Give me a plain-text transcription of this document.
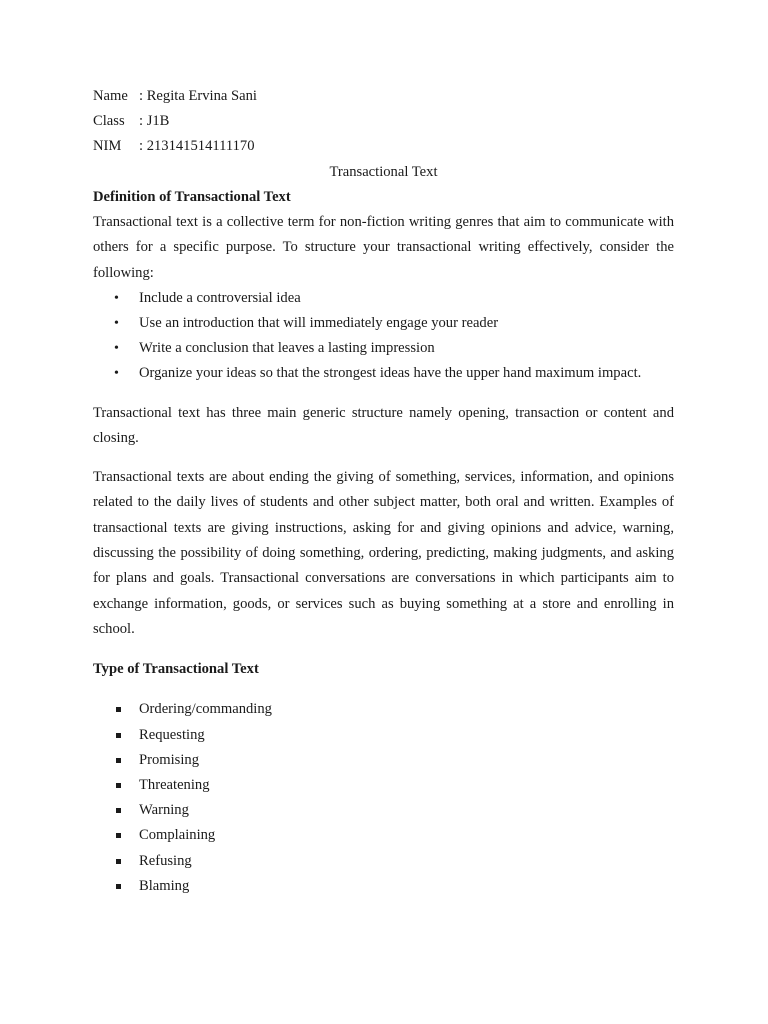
Name : Regita Ervina Sani
Class : J1B
NIM : 213141514111170
Transactional Text
Definition of Transactional Text

Transactional text is a collective term for non-fiction writing genres that aim to communicate with others for a specific purpose. To structure your transactional writing effectively, consider the following:

• Include a controversial idea
• Use an introduction that will immediately engage your reader
• Write a conclusion that leaves a lasting impression
• Organize your ideas so that the strongest ideas have the upper hand maximum impact.

Transactional text has three main generic structure namely opening, transaction or content and closing.

Transactional texts are about ending the giving of something, services, information, and opinions related to the daily lives of students and other subject matter, both oral and written. Examples of transactional texts are giving instructions, asking for and giving opinions and advice, warning, discussing the possibility of doing something, ordering, predicting, making judgments, and asking for plans and goals. Transactional conversations are conversations in which participants aim to exchange information, goods, or services such as buying something at a store and enrolling in school.

Type of Transactional Text
Ordering/commanding
Requesting
Promising
Threatening
Warning
Complaining
Refusing
Blaming
